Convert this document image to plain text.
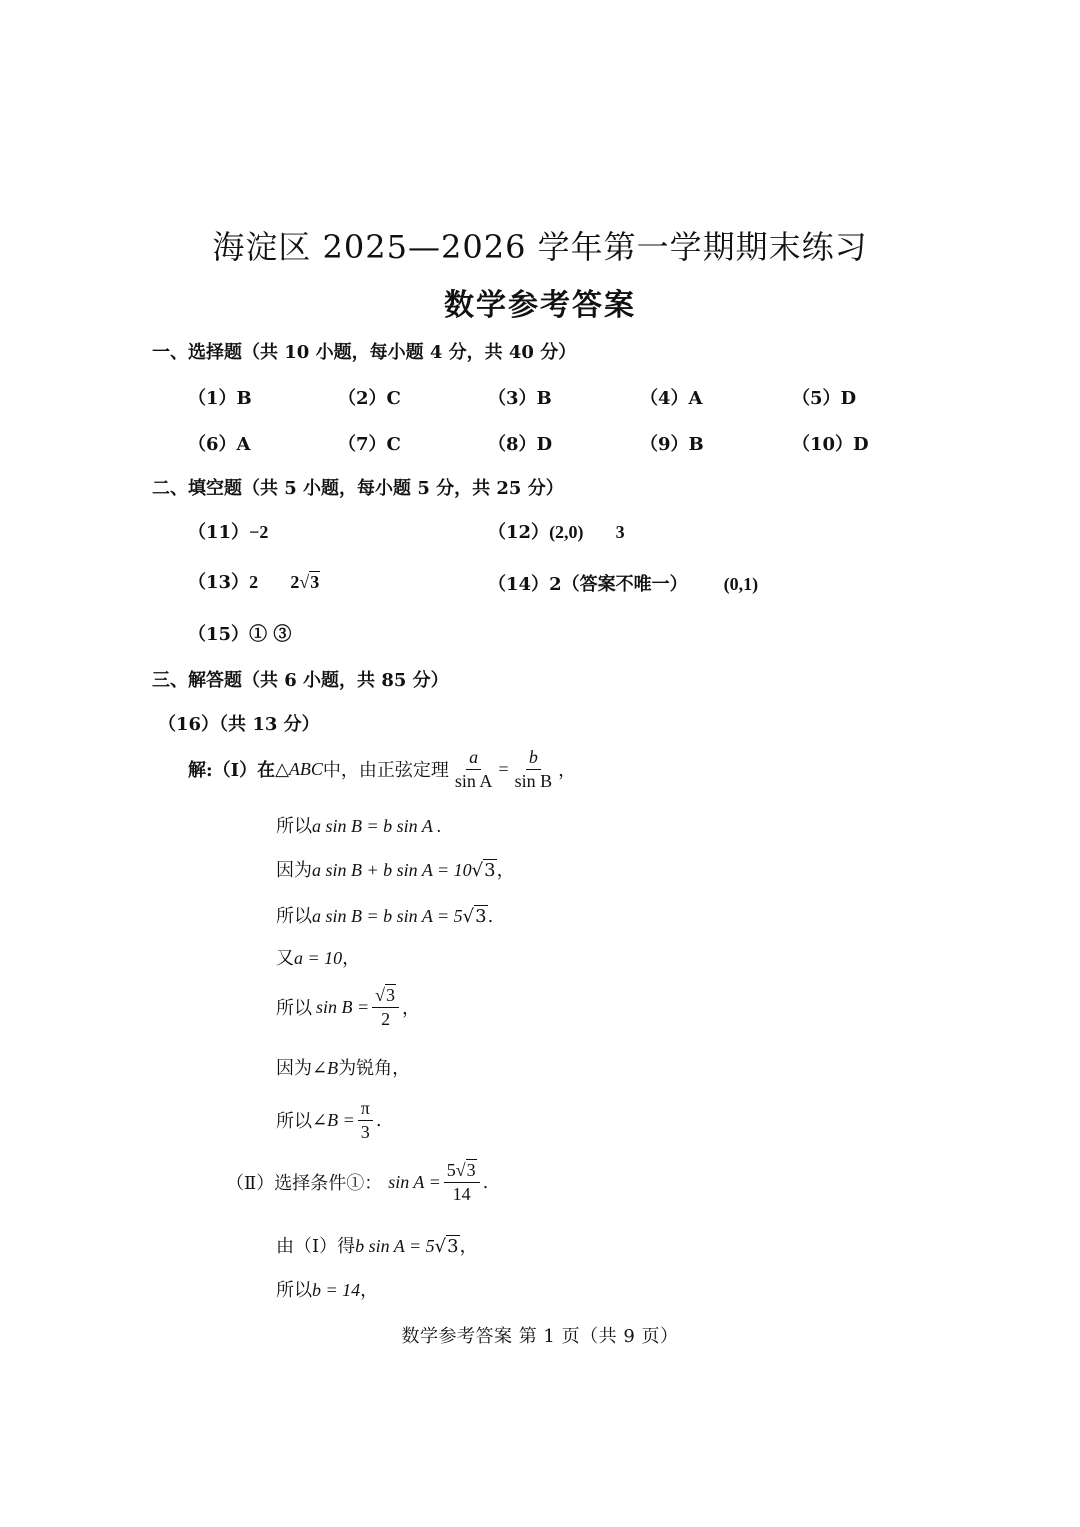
海淀区 2025—2026 学年第一学期期末练习
数学参考答案
一、选择题（共 10 小题，每小题 4 分，共 40 分）
（1）B	（2）C	（3）B	（4）A	（5）D
（6）A	（7）C	（8）D	（9）B	（10）D
二、填空题（共 5 小题，每小题 5 分，共 25 分）
（11）−2	（12）(2,0) 3
（13）2 2√3	（14）2（答案不唯一） (0,1)
（15）① ③
三、解答题（共 6 小题，共 85 分）
（16）（共 13 分）
解:（Ⅰ）在 △ ABC 中，由正弦定理 $\frac{a}{\text{sin A}} = \frac{b}{\text{sin B}}$ ，
所以a sin B = b sin A .
因为a sin B + b sin A = 10√3，
所以a sin B = b sin A = 5√3.
又a = 10，
所以 $\sin B = \frac{√3}{2}$ ，
因为∠B为锐角，
所以 ∠B = $\frac{\pi}{3}$ .
（Ⅱ）选择条件①： $\sin A = \frac{5√3}{14}$ .
由（Ⅰ）得b sin A = 5√3，
所以b = 14，
数学参考答案 第 1 页（共 9 页）
